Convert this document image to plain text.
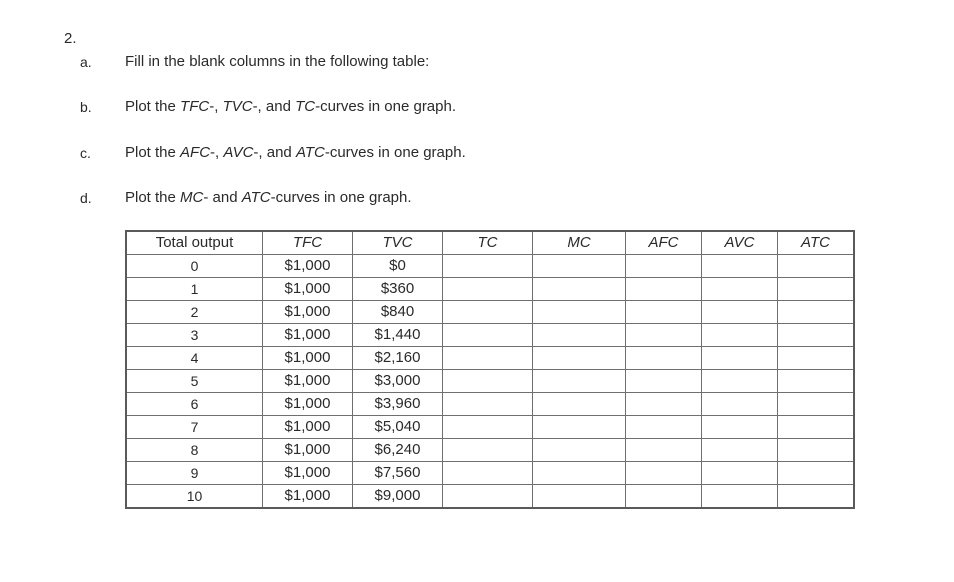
2.
a. Fill in the blank columns in the following table:
b. Plot the TFC-, TVC-, and TC-curves in one graph.
c. Plot the AFC-, AVC-, and ATC-curves in one graph.
d. Plot the MC- and ATC-curves in one graph.
Total output	TFC	TVC	TC	MC	AFC	AVC	ATC
0	$1,000	$0					
1	$1,000	$360					
2	$1,000	$840					
3	$1,000	$1,440					
4	$1,000	$2,160					
5	$1,000	$3,000					
6	$1,000	$3,960					
7	$1,000	$5,040					
8	$1,000	$6,240					
9	$1,000	$7,560					
10	$1,000	$9,000					
